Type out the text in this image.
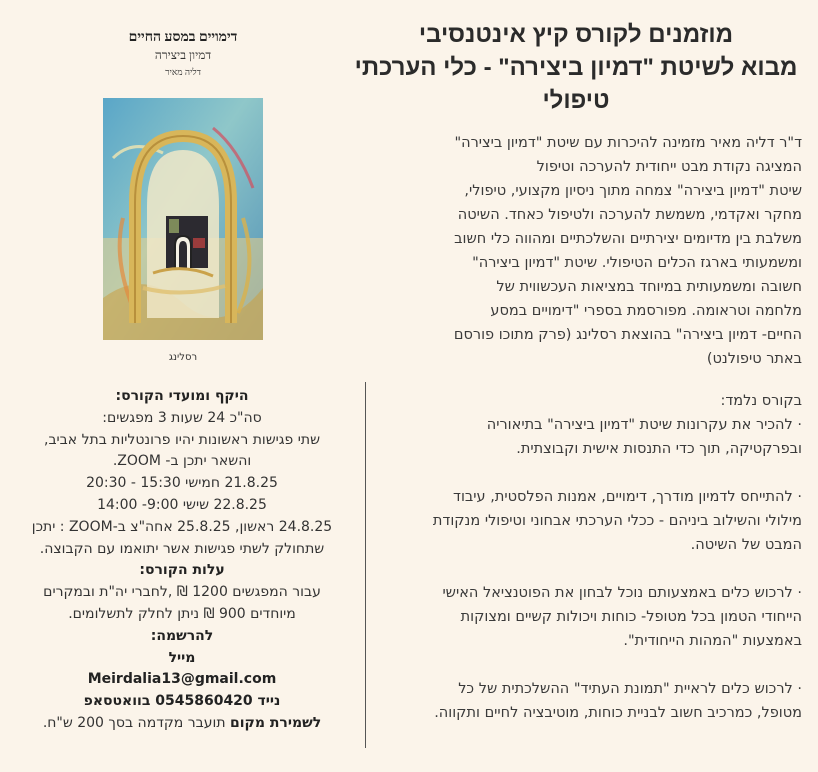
מוזמנים לקורס קיץ אינטנסיבי
מבוא לשיטת "דמיון ביצירה" - כלי הערכתי
טיפולי

ד"ר דליה מאיר מזמינה להיכרות עם שיטת "דמיון ביצירה"

המציגה נקודת מבט ייחודית להערכה וטיפול

שיטת "דמיון ביצירה" צמחה מתוך ניסיון מקצועי, טיפולי,

מחקר ואקדמי, משמשת להערכה ולטיפול כאחד. השיטה

משלבת בין מדיומים יצירתיים והשלכתיים ומהווה כלי חשוב

ומשמעותי בארגז הכלים הטיפולי. שיטת "דמיון ביצירה"

חשובה ומשמעותית במיוחד במציאות העכשווית של

מלחמה וטראומה. מפורסמת בספרי "דימויים במסע

החיים- דמיון ביצירה" בהוצאת רסלינג (פרק מתוכו פורסם

באתר טיפולנט)

בקורס נלמד:

· להכיר את עקרונות שיטת "דמיון ביצירה" בתיאוריה

ובפרקטיקה, תוך כדי התנסות אישית וקבוצתית.

· להתייחס לדמיון מודרך, דימויים, אמנות הפלסטית, עיבוד

מילולי והשילוב ביניהם - ככלי הערכתי אבחוני וטיפולי מנקודת

המבט של השיטה.

· לרכוש כלים באמצעותם נוכל לבחון את הפוטנציאל האישי

הייחודי הטמון בכל מטופל- כוחות ויכולות קשיים ומצוקות

באמצעות "המהות הייחודית".

· לרכוש כלים לראיית "תמונת העתיד" ההשלכתית של כל

מטופל, כמרכיב חשוב לבניית כוחות, מוטיבציה לחיים ותקווה.

דימויים במסע החיים
דמיון ביצירה
דליה מאיר
רסלינג
היקף ומועדי הקורס:
סה"כ 24 שעות 3 מפגשים:
שתי פגישות ראשונות יהיו פרונטליות בתל אביב,
והשאר יתכן ב- ZOOM.
21.8.25 חמישי 15:30 - 20:30
22.8.25 שישי 9:00- 14:00
24.8.25 ראשון, 25.8.25 אחה"צ ב-ZOOM : יתכן
שתחולק לשתי פגישות אשר יתואמו עם הקבוצה.
עלות הקורס:
עבור המפגשים 1200 ₪ ,לחברי יה"ת ובמקרים
מיוחדים 900 ₪ ניתן לחלק לתשלומים.
להרשמה:
מייל
Meirdalia13@gmail.com
נייד 0545860420 בוואטסאפ
לשמירת מקום תועבר מקדמה בסך 200 ש"ח.
